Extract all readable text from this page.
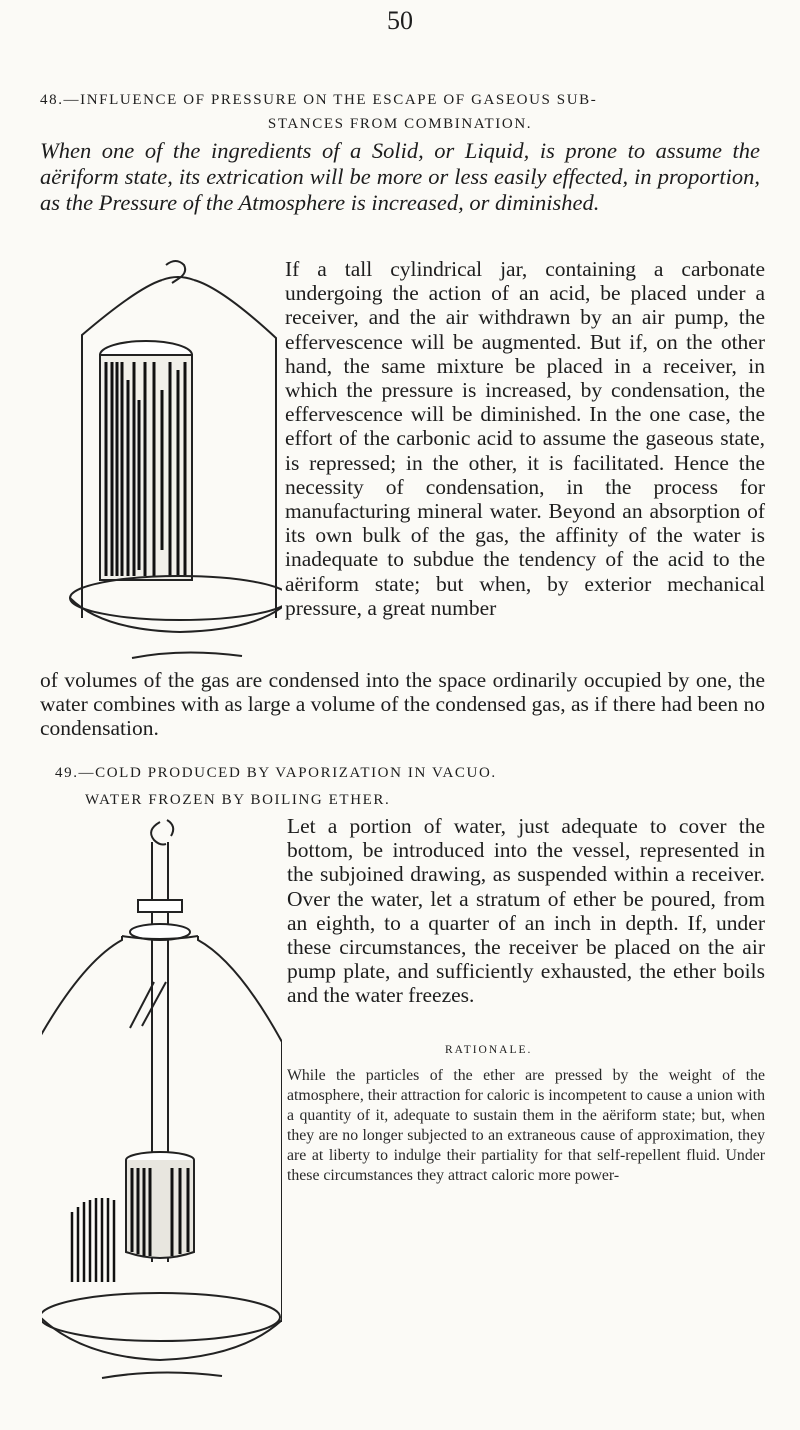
50
48.—INFLUENCE OF PRESSURE ON THE ESCAPE OF GASEOUS SUB-
STANCES FROM COMBINATION.
When one of the ingredients of a Solid, or Liquid, is prone to assume the aëriform state, its extrication will be more or less easily effected, in proportion, as the Pressure of the Atmosphere is increased, or diminished.
If a tall cylindrical jar, containing a carbonate undergoing the action of an acid, be placed under a receiver, and the air withdrawn by an air pump, the effervescence will be augmented. But if, on the other hand, the same mixture be placed in a receiver, in which the pressure is increased, by condensation, the effervescence will be diminished. In the one case, the effort of the carbonic acid to assume the gaseous state, is repressed; in the other, it is facilitated. Hence the necessity of condensation, in the process for manufacturing mineral water. Beyond an absorption of its own bulk of the gas, the affinity of the water is inadequate to subdue the tendency of the acid to the aëriform state; but when, by exterior mechanical pressure, a great number
of volumes of the gas are condensed into the space ordinarily occupied by one, the water combines with as large a volume of the condensed gas, as if there had been no condensation.
49.—COLD PRODUCED BY VAPORIZATION IN VACUO.
WATER FROZEN BY BOILING ETHER.
Let a portion of water, just adequate to cover the bottom, be introduced into the vessel, represented in the subjoined drawing, as suspended within a receiver. Over the water, let a stratum of ether be poured, from an eighth, to a quarter of an inch in depth. If, under these circumstances, the receiver be placed on the air pump plate, and sufficiently exhausted, the ether boils and the water freezes.
RATIONALE.
While the particles of the ether are pressed by the weight of the atmosphere, their attraction for caloric is incompetent to cause a union with a quantity of it, adequate to sustain them in the aëriform state; but, when they are no longer subjected to an extraneous cause of approximation, they are at liberty to indulge their partiality for that self-repellent fluid. Under these circumstances they attract caloric more power-
